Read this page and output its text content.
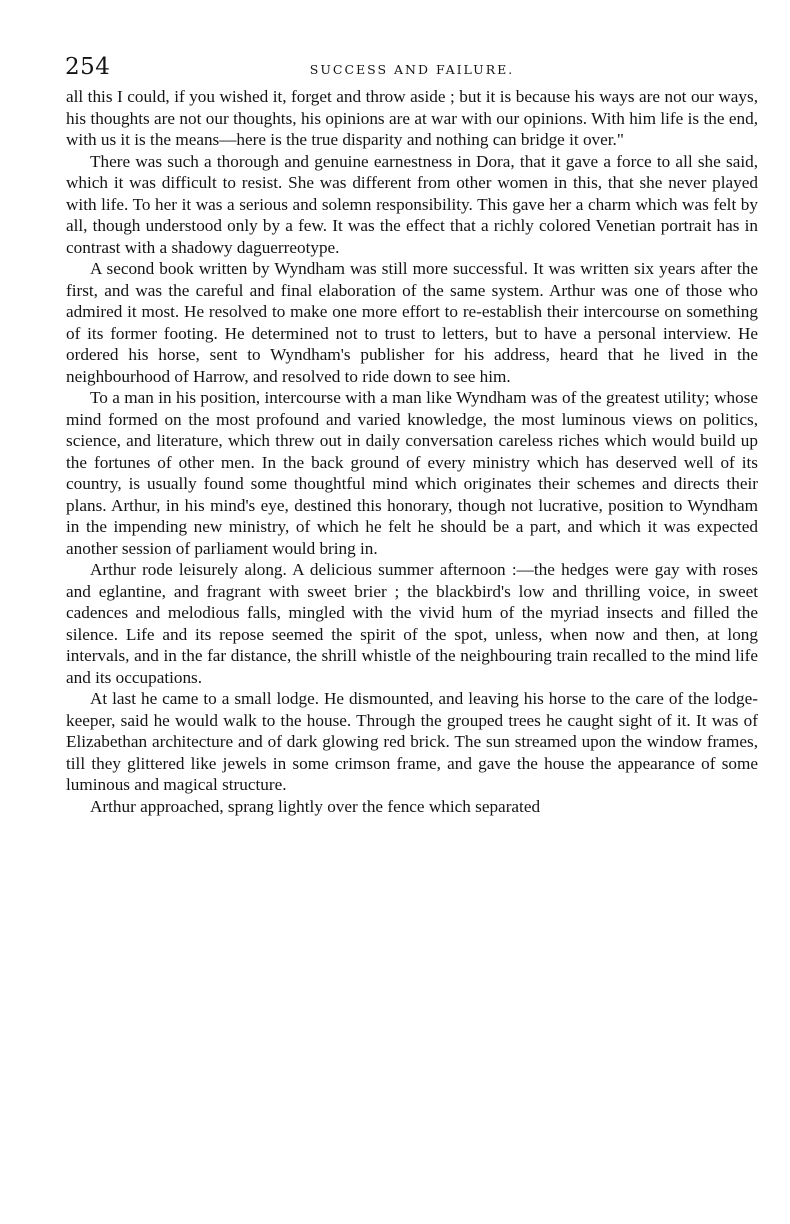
254	SUCCESS AND FAILURE.

all this I could, if you wished it, forget and throw aside ; but it is because his ways are not our ways, his thoughts are not our thoughts, his opinions are at war with our opinions. With him life is the end, with us it is the means—here is the true disparity and nothing can bridge it over."

There was such a thorough and genuine earnestness in Dora, that it gave a force to all she said, which it was difficult to resist. She was different from other women in this, that she never played with life. To her it was a serious and solemn responsibility. This gave her a charm which was felt by all, though understood only by a few. It was the effect that a richly colored Venetian portrait has in contrast with a shadowy daguerreotype.

A second book written by Wyndham was still more successful. It was written six years after the first, and was the careful and final elaboration of the same system. Arthur was one of those who admired it most. He resolved to make one more effort to re-establish their intercourse on something of its former footing. He determined not to trust to letters, but to have a personal interview. He ordered his horse, sent to Wyndham's publisher for his address, heard that he lived in the neighbourhood of Harrow, and resolved to ride down to see him.

To a man in his position, intercourse with a man like Wyndham was of the greatest utility; whose mind formed on the most profound and varied knowledge, the most luminous views on politics, science, and literature, which threw out in daily conversation careless riches which would build up the fortunes of other men. In the back ground of every ministry which has deserved well of its country, is usually found some thoughtful mind which originates their schemes and directs their plans. Arthur, in his mind's eye, destined this honorary, though not lucrative, position to Wyndham in the impending new ministry, of which he felt he should be a part, and which it was expected another session of parliament would bring in.

Arthur rode leisurely along. A delicious summer afternoon :—the hedges were gay with roses and eglantine, and fragrant with sweet brier ; the blackbird's low and thrilling voice, in sweet cadences and melodious falls, mingled with the vivid hum of the myriad insects and filled the silence. Life and its repose seemed the spirit of the spot, unless, when now and then, at long intervals, and in the far distance, the shrill whistle of the neighbouring train recalled to the mind life and its occupations.

At last he came to a small lodge. He dismounted, and leaving his horse to the care of the lodge-keeper, said he would walk to the house. Through the grouped trees he caught sight of it. It was of Elizabethan architecture and of dark glowing red brick. The sun streamed upon the window frames, till they glittered like jewels in some crimson frame, and gave the house the appearance of some luminous and magical structure.

Arthur approached, sprang lightly over the fence which separated
